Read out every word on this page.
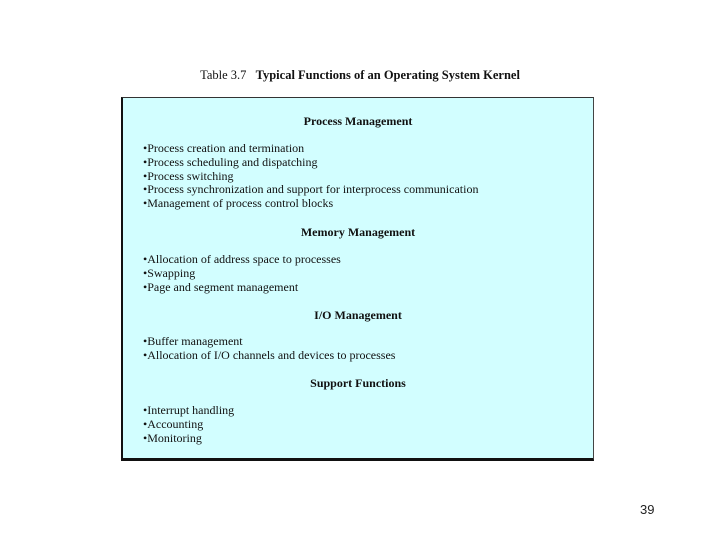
Table 3.7 Typical Functions of an Operating System Kernel
Process Management
• Process creation and termination
• Process scheduling and dispatching
• Process switching
• Process synchronization and support for interprocess communication
• Management of process control blocks
Memory Management
• Allocation of address space to processes
• Swapping
• Page and segment management
I/O Management
• Buffer management
• Allocation of I/O channels and devices to processes
Support Functions
• Interrupt handling
• Accounting
• Monitoring
39
